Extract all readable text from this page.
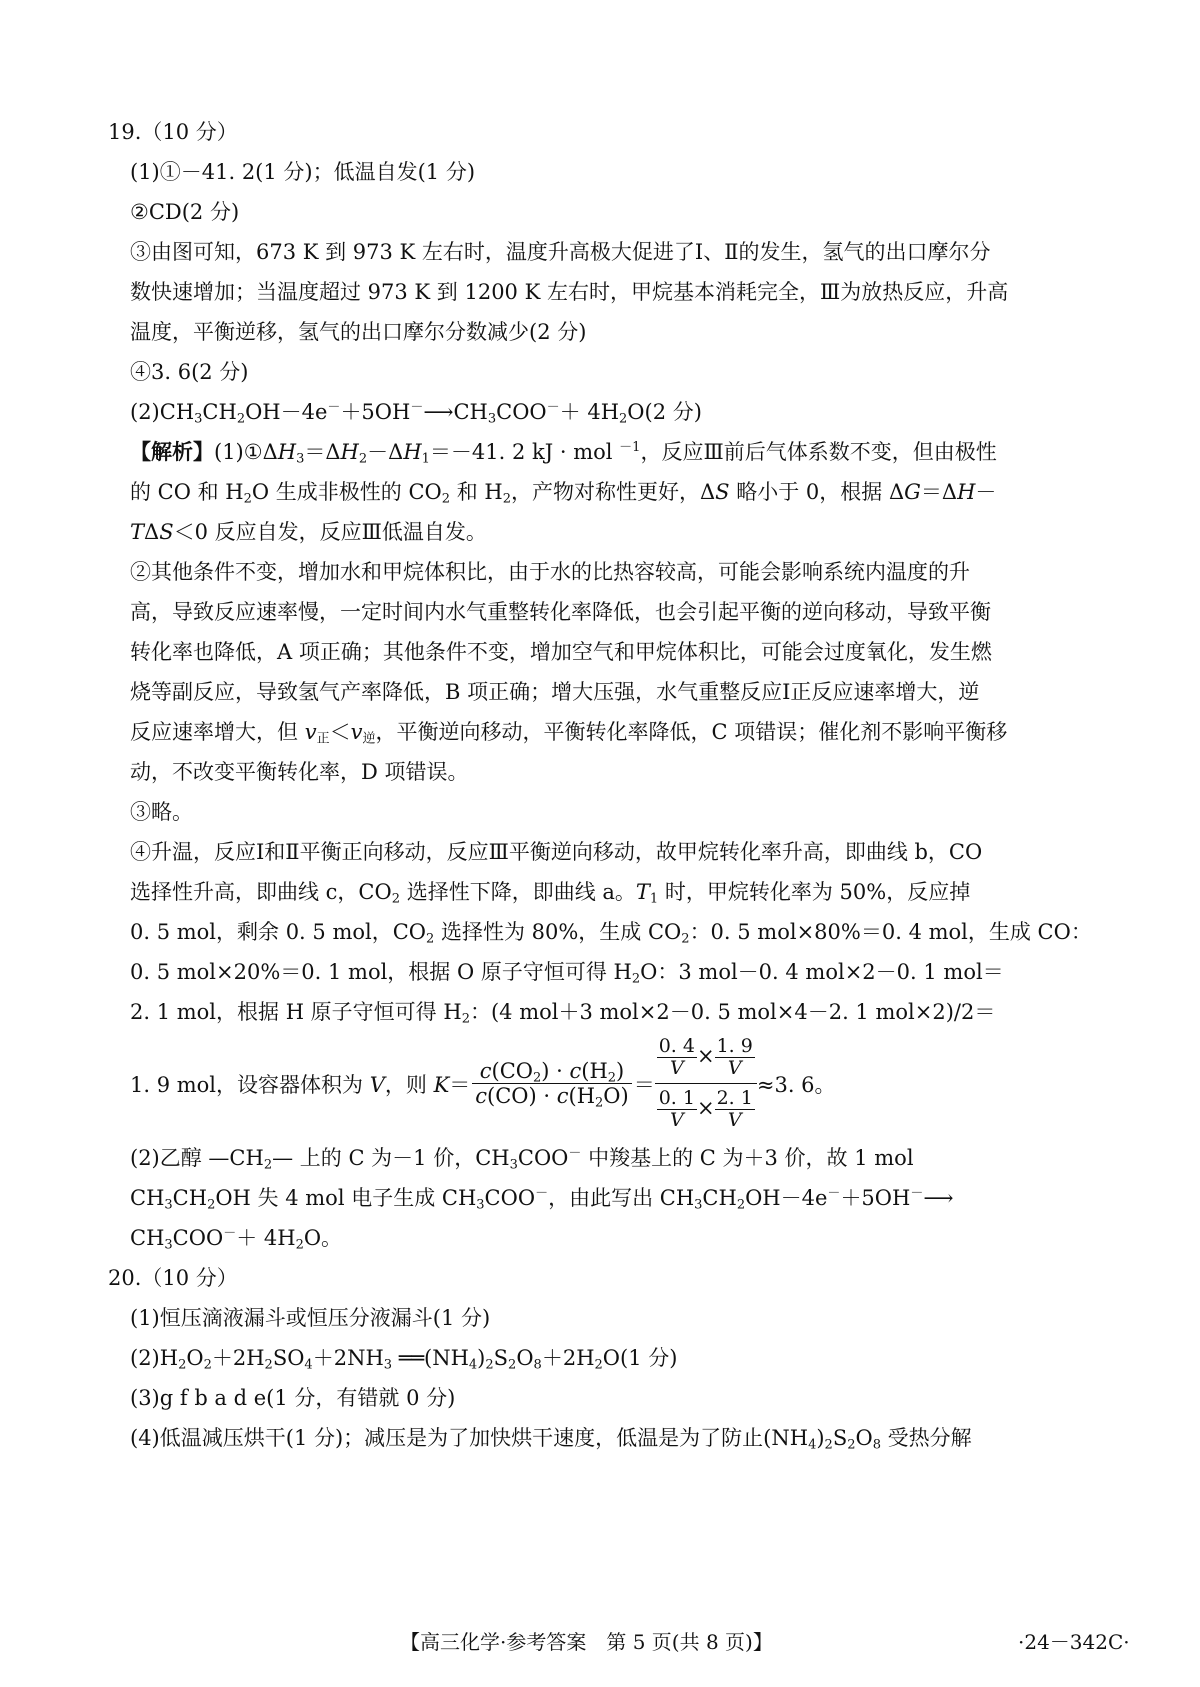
19.（10 分）
(1)①－41. 2(1 分)；低温自发(1 分)
②CD(2 分)
③由图可知，673 K 到 973 K 左右时，温度升高极大促进了Ⅰ、Ⅱ的发生，氢气的出口摩尔分
数快速增加；当温度超过 973 K 到 1200 K 左右时，甲烷基本消耗完全，Ⅲ为放热反应，升高
温度，平衡逆移，氢气的出口摩尔分数减少(2 分)
④3. 6(2 分)
$(2)CH_3CH_2OH-4e^-+5OH^-⟶CH_3COO^-+ 4H_2O(2$ 分)
【解析】$(1)①\Delta H_3=\Delta H_2-\Delta H_1=-41$. 2 kJ · mol $^{-1}$，反应Ⅲ前后气体系数不变，但由极性
的 CO 和 $H_2O$ 生成非极性的 $CO_2$ 和 $H_2$，产物对称性更好，ΔS 略小于 0，根据 ΔG＝ΔH－
TΔS＜0 反应自发，反应Ⅲ低温自发。
②其他条件不变，增加水和甲烷体积比，由于水的比热容较高，可能会影响系统内温度的升
高，导致反应速率慢，一定时间内水气重整转化率降低，也会引起平衡的逆向移动，导致平衡
转化率也降低，A 项正确；其他条件不变，增加空气和甲烷体积比，可能会过度氧化，发生燃
烧等副反应，导致氢气产率降低，B 项正确；增大压强，水气重整反应Ⅰ正反应速率增大，逆
反应速率增大，但 $v_正<v_逆$，平衡逆向移动，平衡转化率降低，C 项错误；催化剂不影响平衡移
动，不改变平衡转化率，D 项错误。
③略。
④升温，反应Ⅰ和Ⅱ平衡正向移动，反应Ⅲ平衡逆向移动，故甲烷转化率升高，即曲线 b，CO
选择性升高，即曲线 c，$CO_2$ 选择性下降，即曲线 a。$T_1$ 时，甲烷转化率为 50%，反应掉
0. 5 mol，剩余 0. 5 mol，$CO_2$ 选择性为 80%，生成 $CO_2$：0. 5 mol×80%＝0. 4 mol，生成 CO：
0. 5 mol×20%＝0. 1 mol，根据 O 原子守恒可得 $H_2O$：3 mol－0. 4 mol×2－0. 1 mol＝
2. 1 mol，根据 H 原子守恒可得 $H_2$：(4 mol＋3 mol×2－0. 5 mol×4－2. 1 mol×2)/2＝
1. 9 mol，设容器体积为 V，则 $K= \frac{c(CO_2) \cdot c(H_2)}{c(CO) \cdot c(H_2O)} = \frac{\frac{0. 4}{V} \times \frac{1. 9}{V}}{\frac{0. 1}{V} \times \frac{2. 1}{V}} \approx 3$. 6。
(2)乙醇 $—CH_2—$ 上的 C 为－1 价，$CH_3COO^-$ 中羧基上的 C 为＋3 价，故 1 mol
$CH_3CH_2OH$ 失 4 mol 电子生成 $CH_3COO^-$，由此写出 $CH_3CH_2OH-4e^-+5OH^-⟶$
$CH_3COO^-+ 4H_2O$。
20.（10 分）
(1)恒压滴液漏斗或恒压分液漏斗(1 分)
$(2)H_2O_2+2H_2SO_4+2NH_3$ $══(NH_4)_2S_2O_8+2H_2O(1$ 分)
(3)g f b a d e(1 分，有错就 0 分)
(4)低温减压烘干(1 分)；减压是为了加快烘干速度，低温是为了防止$(NH_4)_2S_2O_8$ 受热分解
【高三化学·参考答案　第 5 页(共 8 页)】	·24－342C·
